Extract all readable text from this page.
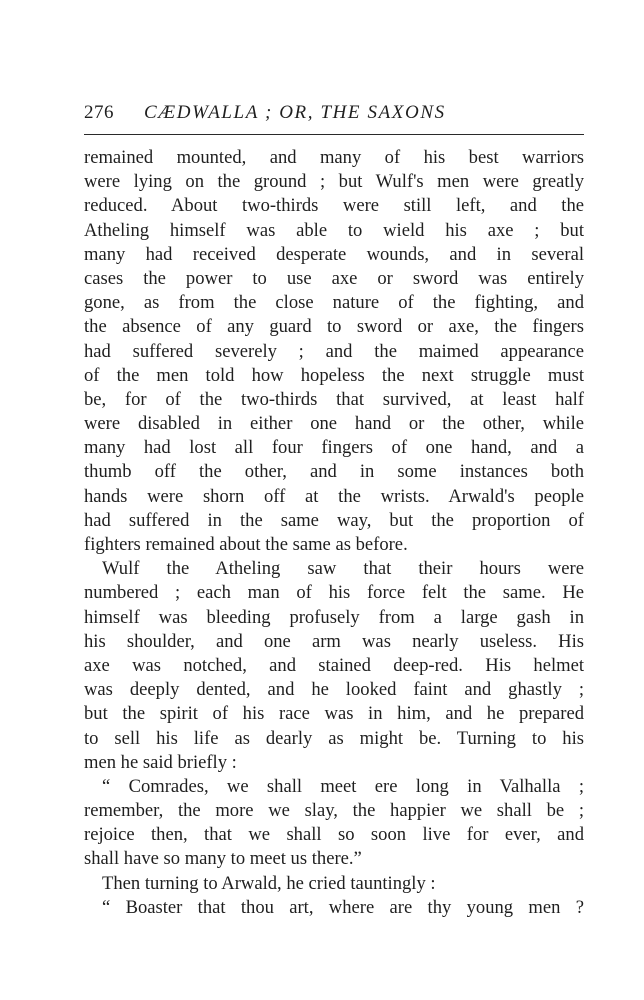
276 CÆDWALLA ; OR, THE SAXONS
remained mounted, and many of his best warriors
were lying on the ground ; but Wulf's men were greatly
reduced. About two-thirds were still left, and the
Atheling himself was able to wield his axe ; but
many had received desperate wounds, and in several
cases the power to use axe or sword was entirely
gone, as from the close nature of the fighting, and
the absence of any guard to sword or axe, the fingers
had suffered severely ; and the maimed appearance
of the men told how hopeless the next struggle must
be, for of the two-thirds that survived, at least half
were disabled in either one hand or the other, while
many had lost all four fingers of one hand, and a
thumb off the other, and in some instances both
hands were shorn off at the wrists. Arwald's people
had suffered in the same way, but the proportion of
fighters remained about the same as before.
Wulf the Atheling saw that their hours were
numbered ; each man of his force felt the same. He
himself was bleeding profusely from a large gash in
his shoulder, and one arm was nearly useless. His
axe was notched, and stained deep-red. His helmet
was deeply dented, and he looked faint and ghastly ;
but the spirit of his race was in him, and he prepared
to sell his life as dearly as might be. Turning to his
men he said briefly :
“ Comrades, we shall meet ere long in Valhalla ;
remember, the more we slay, the happier we shall be ;
rejoice then, that we shall so soon live for ever, and
shall have so many to meet us there.”
Then turning to Arwald, he cried tauntingly :
“ Boaster that thou art, where are thy young men ?
